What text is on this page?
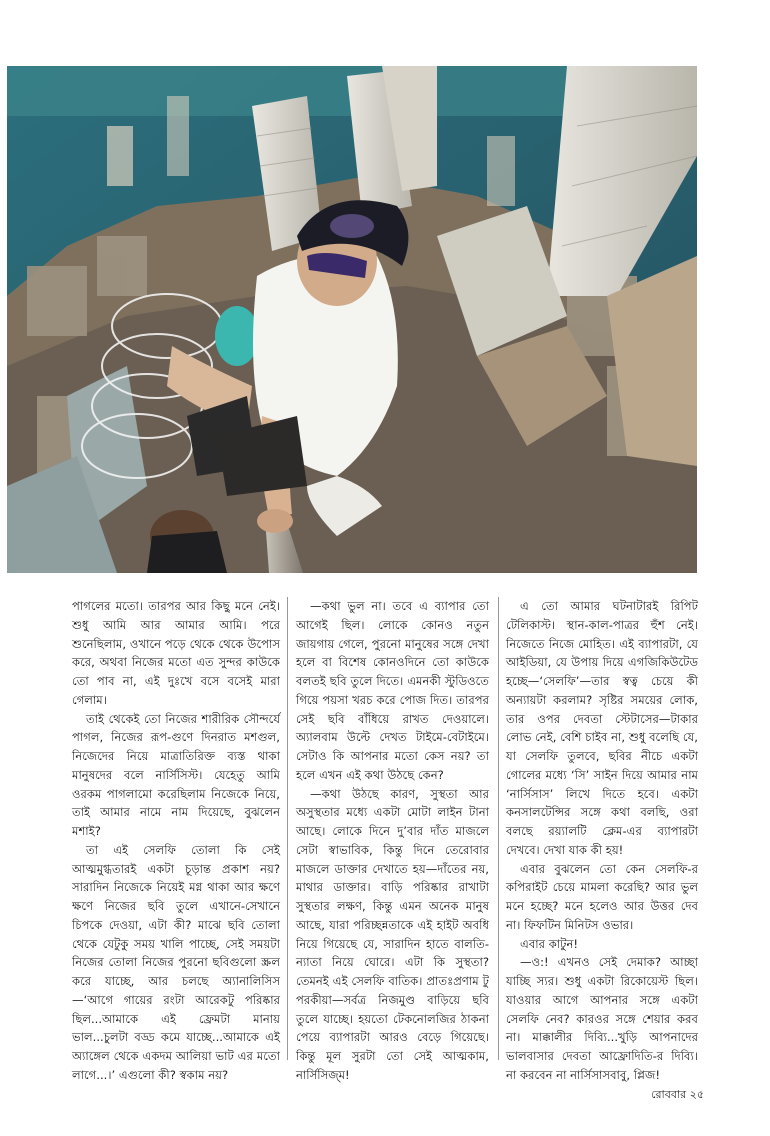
পাগলের মতো। তারপর আর কিছু মনে নেই। শুধু আমি আর আমার আমি। পরে শুনেছিলাম, ওখানে পড়ে থেকে থেকে উপোস করে, অথবা নিজের মতো এত সুন্দর কাউকে তো পাব না, এই দুঃখে বসে বসেই মারা গেলাম।

তাই থেকেই তো নিজের শারীরিক সৌন্দর্যে পাগল, নিজের রূপ-গুণে দিনরাত মশগুল, নিজেদের নিয়ে মাত্রাতিরিক্ত ব্যস্ত থাকা মানুষদের বলে নার্সিসিস্ট। যেহেতু আমি ওরকম পাগলামো করেছিলাম নিজেকে নিয়ে, তাই আমার নামে নাম দিয়েছে, বুঝলেন মশাই?

তা এই সেলফি তোলা কি সেই আত্মমুগ্ধতারই একটা চূড়ান্ত প্রকাশ নয়? সারাদিন নিজেকে নিয়েই মগ্ন থাকা আর ক্ষণে ক্ষণে নিজের ছবি তুলে এখানে-সেখানে চিপকে দেওয়া, এটা কী? মাঝে ছবি তোলা থেকে যেটুকু সময় খালি পাচ্ছে, সেই সময়টা নিজের তোলা নিজের পুরনো ছবিগুলো স্ক্রল করে যাচ্ছে, আর চলছে অ্যানালিসিস—‘আগে গায়ের রংটা আরেকটু পরিষ্কার ছিল...আমাকে এই ফ্রেমটা মানায় ভাল...চুলটা বড্ড কমে যাচ্ছে...আমাকে এই অ্যাঙ্গেল থেকে একদম আলিয়া ভাট এর মতো লাগে...।’ এগুলো কী? স্বকাম নয়?

—কথা ভুল না। তবে এ ব্যাপার তো আগেই ছিল। লোকে কোনও নতুন জায়গায় গেলে, পুরনো মানুষের সঙ্গে দেখা হলে বা বিশেষ কোনওদিনে তো কাউকে বলতই ছবি তুলে দিতে। এমনকী স্টুডিওতে গিয়ে পয়সা খরচ করে পোজ দিত। তারপর সেই ছবি বাঁধিয়ে রাখত দেওয়ালে। অ্যালবাম উল্টে দেখত টাইমে-বেটাইমে। সেটাও কি আপনার মতো কেস নয়? তা হলে এখন এই কথা উঠছে কেন?

—কথা উঠছে কারণ, সুস্থতা আর অসুস্থতার মধ্যে একটা মোটা লাইন টানা আছে। লোকে দিনে দু’বার দাঁত মাজলে সেটা স্বাভাবিক, কিন্তু দিনে তেরোবার মাজলে ডাক্তার দেখাতে হয়—দাঁতের নয়, মাথার ডাক্তার। বাড়ি পরিষ্কার রাখাটা সুস্থতার লক্ষণ, কিন্তু এমন অনেক মানুষ আছে, যারা পরিচ্ছন্নতাকে এই হাইট অবধি নিয়ে গিয়েছে যে, সারাদিন হাতে বালতি-ন্যাতা নিয়ে ঘোরে। এটা কি সুস্থতা? তেমনই এই সেলফি বাতিক। প্রাতঃপ্রণাম টু পরকীয়া—সর্বত্র নিজমুণ্ড বাড়িয়ে ছবি তুলে যাচ্ছে। হয়তো টেকনোলজির ঠাকনা পেয়ে ব্যাপারটা আরও বেড়ে গিয়েছে। কিন্তু মূল সুরটা তো সেই আত্মকাম, নার্সিসিজ্‌ম!

এ তো আমার ঘটনাটারই রিপিট টেলিকাস্ট। স্থান-কাল-পাত্রর হুঁশ নেই। নিজেতে নিজে মোহিত। এই ব্যাপারটা, যে আইডিয়া, যে উপায় দিয়ে এগজিকিউটেড হচ্ছে—‘সেলফি’—তার স্বত্ব চেয়ে কী অন্যায়টা করলাম? সৃষ্টির সময়ের লোক, তার ওপর দেবতা স্টেটাসের—টাকার লোভ নেই, বেশি চাইব না, শুধু বলেছি যে, যা সেলফি তুলবে, ছবির নীচে একটা গোলের মধ্যে ‘সি’ সাইন দিয়ে আমার নাম ‘নার্সিসাস’ লিখে দিতে হবে। একটা কনসালটেন্সির সঙ্গে কথা বলছি, ওরা বলছে রয়্যালটি ক্লেম-এর ব্যাপারটা দেখবে। দেখা যাক কী হয়!

এবার বুঝলেন তো কেন সেলফি-র কপিরাইট চেয়ে মামলা করেছি? আর ভুল মনে হচ্ছে? মনে হলেও আর উত্তর দেব না। ফিফটিন মিনিটস ওভার।

এবার কাটুন!

—ও:! এখনও সেই দেমাক? আচ্ছা যাচ্ছি স্যর। শুধু একটা রিকোয়েস্ট ছিল। যাওয়ার আগে আপনার সঙ্গে একটা সেলফি নেব? কারওর সঙ্গে শেয়ার করব না। মাক্কালীর দিব্যি...খুড়ি আপনাদের ভালবাসার দেবতা আফ্রোদিতি-র দিব্যি। না করবেন না নার্সিসাসবাবু, প্লিজ!

রোববার ২৫
